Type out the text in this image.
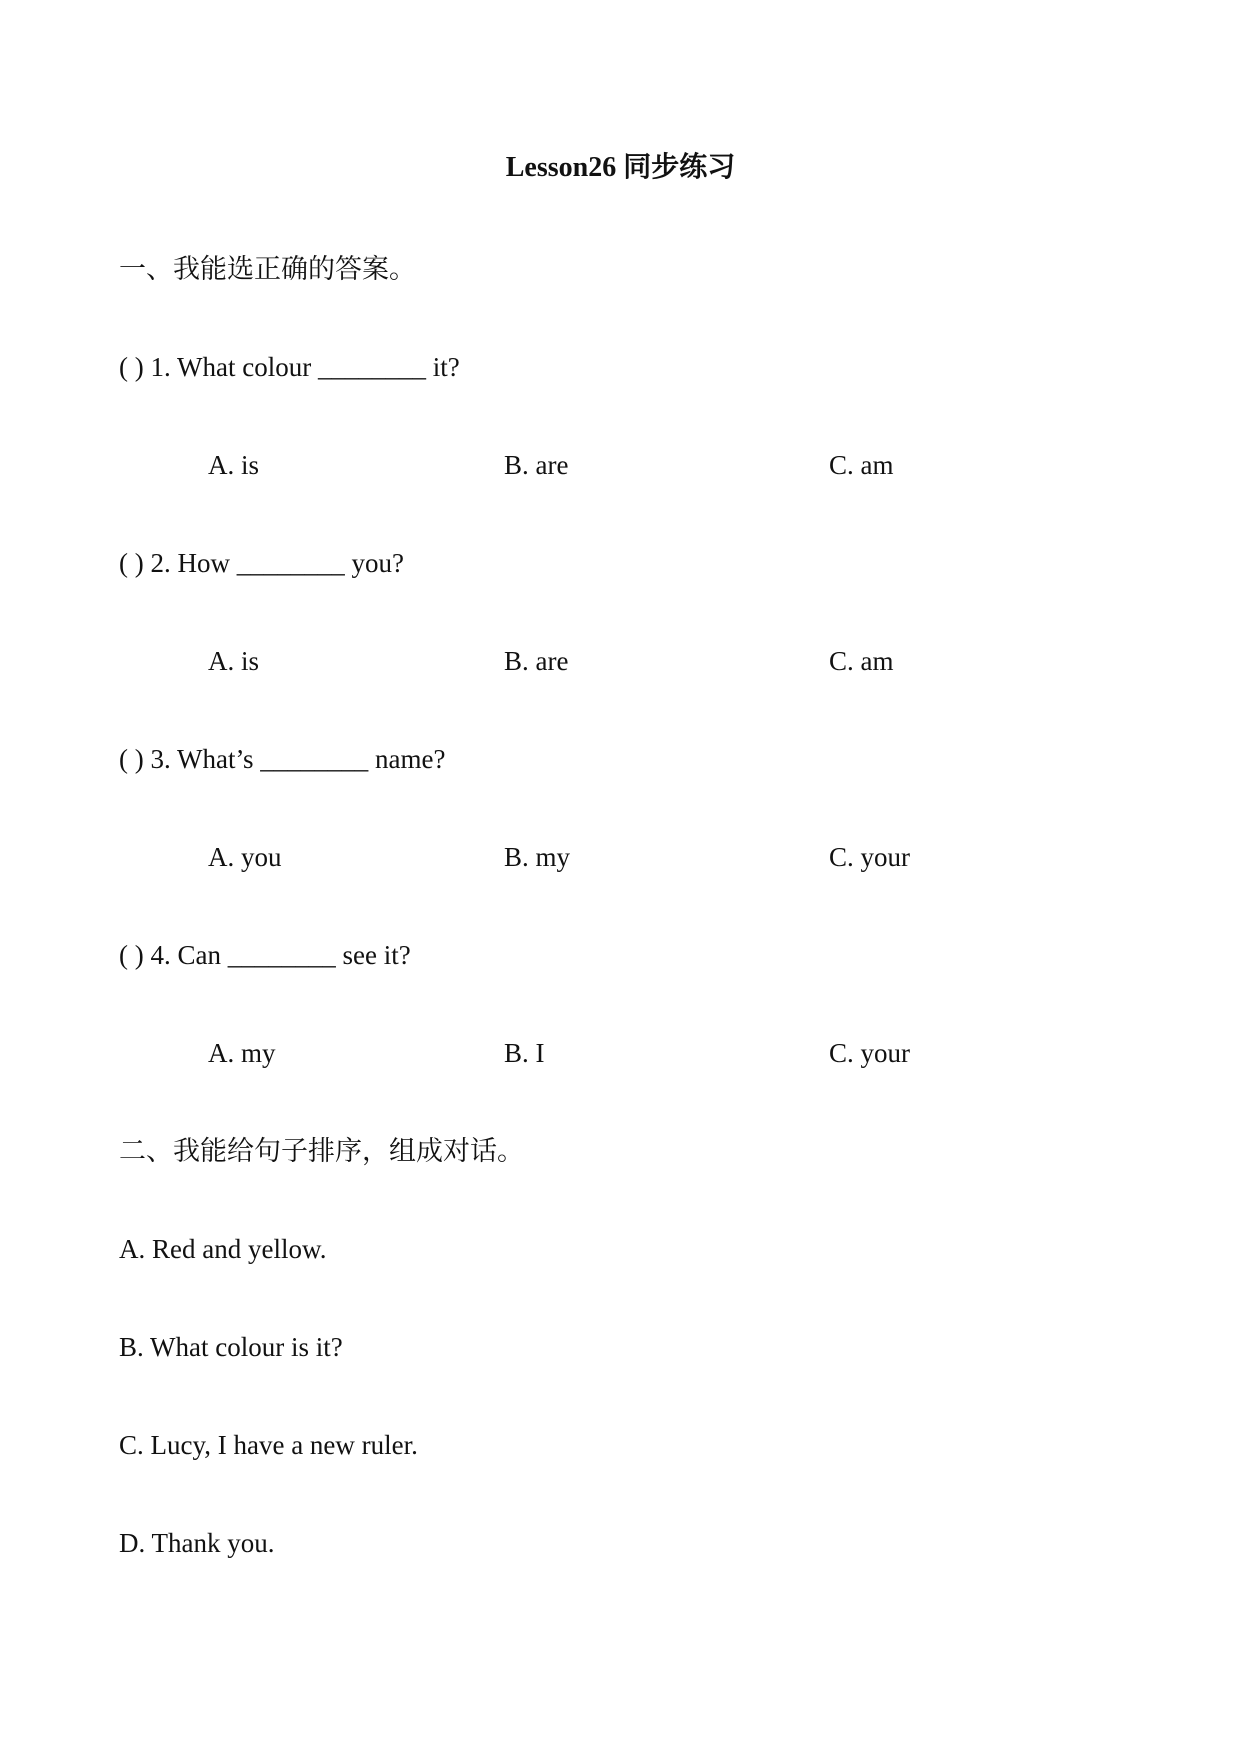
Lesson26 同步练习
一、我能选正确的答案。
( ) 1. What colour ________ it?
A. is	B. are	C. am
( ) 2. How ________ you?
A. is	B. are	C. am
( ) 3. What’s ________ name?
A. you	B. my	C. your
( ) 4. Can ________ see it?
A. my	B. I	C. your
二、我能给句子排序，组成对话。
A. Red and yellow.
B. What colour is it?
C. Lucy, I have a new ruler.
D. Thank you.
